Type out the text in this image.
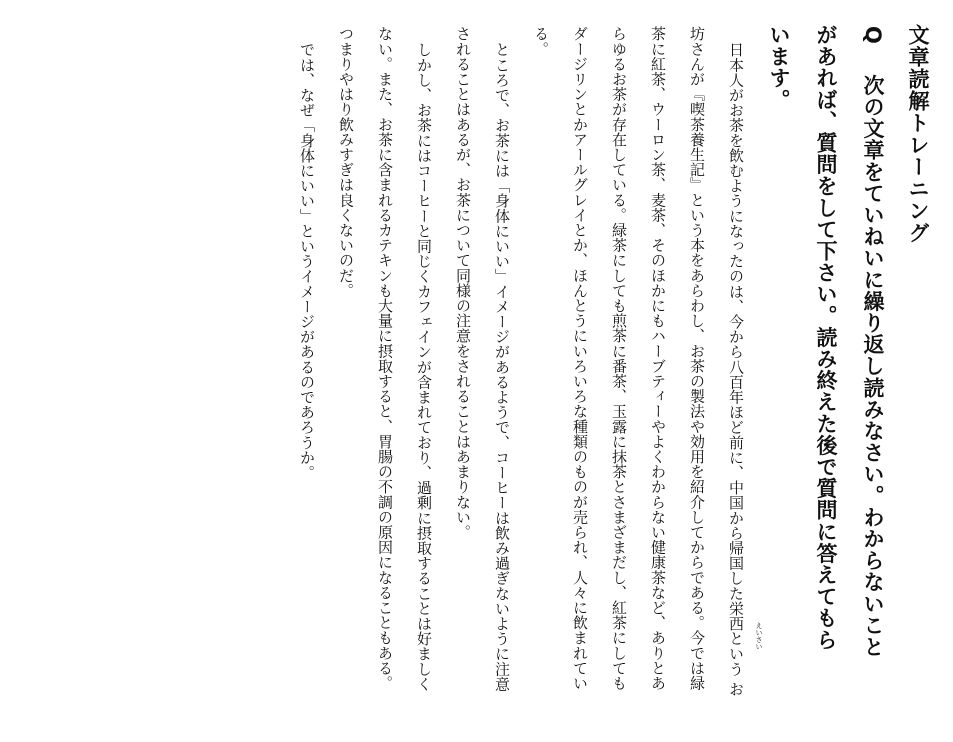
文章読解トレーニング
Q次の文章をていねいに繰り返し読みなさい。わからないこと
があれば、質問をして下さい。読み終えた後で質問に答えてもら
います。
えいさい
日本人がお茶を飲むようになったのは、今から八百年ほど前に、中国から帰国した栄西という お
坊さんが『喫茶養生記』という本をあらわし、お茶の製法や効用を紹介してからである。今では緑
茶に紅茶、ウーロン茶、麦茶、そのほかにもハーブティーやよくわからない健康茶など、ありとあ
らゆるお茶が存在している。緑茶にしても煎茶に番茶、玉露に抹茶とさまざまだし、紅茶にしても
ダージリンとかアールグレイとか、ほんとうにいろいろな種類のものが売られ、人々に飲まれてい
る。
ところで、お茶には「身体にいい」イメージがあるようで、コーヒーは飲み過ぎないように注意
されることはあるが、お茶について同様の注意をされることはあまりない。
しかし、お茶にはコーヒーと同じくカフェインが含まれており、過剰に摂取することは好ましく
ない。また、お茶に含まれるカテキンも大量に摂取すると、胃腸の不調の原因になることもある。
つまりやはり飲みすぎは良くないのだ。
では、なぜ「身体にいい」というイメージがあるのであろうか。
